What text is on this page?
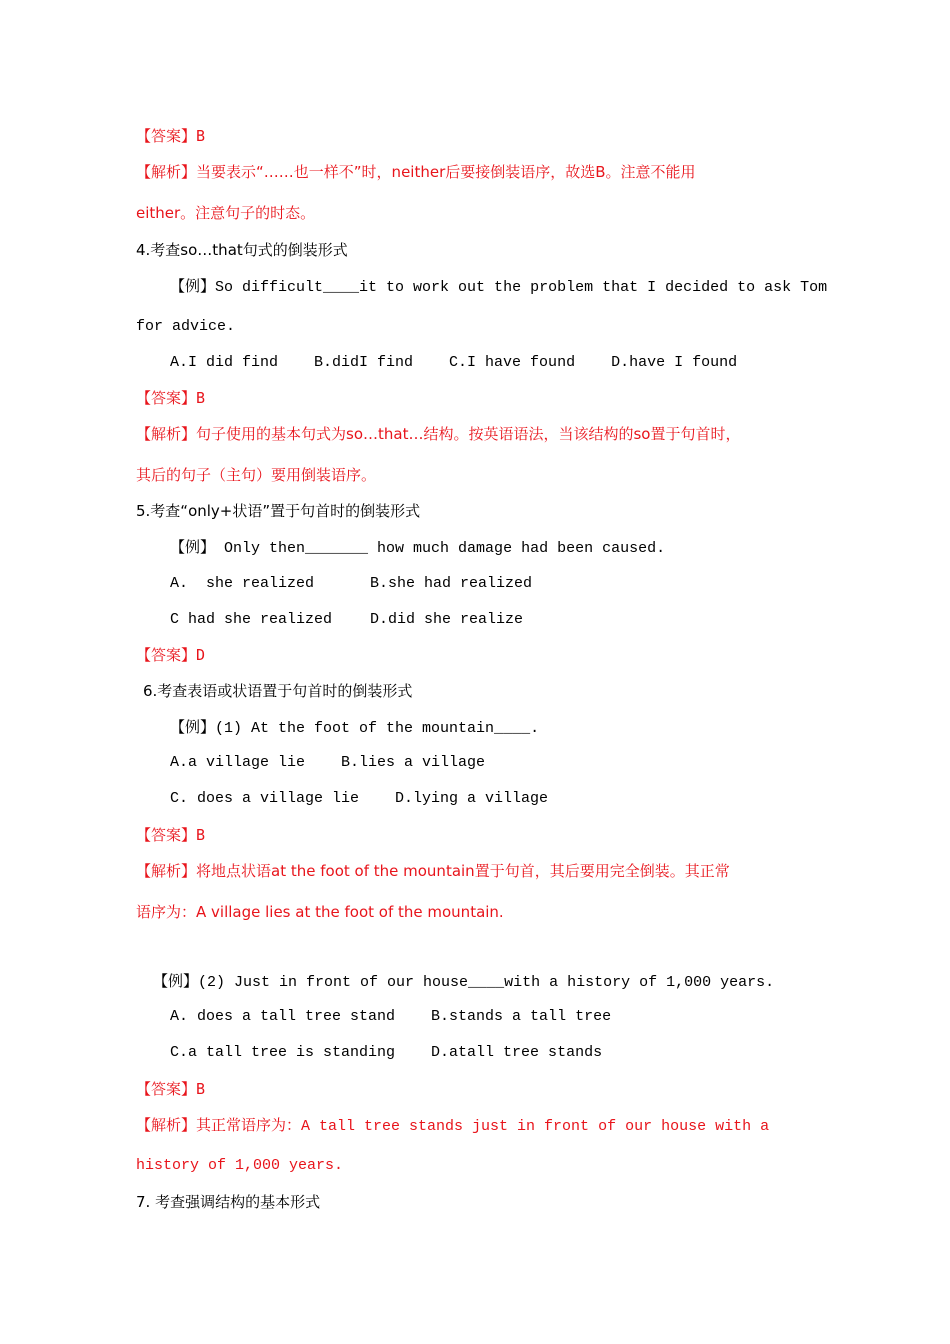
【答案】B
【解析】当要表示“……也一样不”时，neither后要接倒装语序，故选B。注意不能用
either。注意句子的时态。
4.考查so…that句式的倒装形式
【例】So difficult____it to work out the problem that I decided to ask Tom
for advice.
A.I did find    B.didI find    C.I have found    D.have I found
【答案】B
【解析】句子使用的基本句式为so…that…结构。按英语语法，当该结构的so置于句首时，
其后的句子（主句）要用倒装语序。
5.考查“only+状语”置于句首时的倒装形式
【例】 Only then_______ how much damage had been caused.
A.  she realized	B.she had realized
C had she realized	D.did she realize
【答案】D
6.考查表语或状语置于句首时的倒装形式
【例】(1) At the foot of the mountain____.
A.a village lie    B.lies a village
C. does a village lie    D.lying a village
【答案】B
【解析】将地点状语at the foot of the mountain置于句首，其后要用完全倒装。其正常
语序为：A village lies at the foot of the mountain.
【例】(2) Just in front of our house____with a history of 1,000 years.
A. does a tall tree stand    B.stands a tall tree
C.a tall tree is standing    D.atall tree stands
【答案】B
【解析】其正常语序为：A tall tree stands just in front of our house with a
history of 1,000 years.
7. 考查强调结构的基本形式
